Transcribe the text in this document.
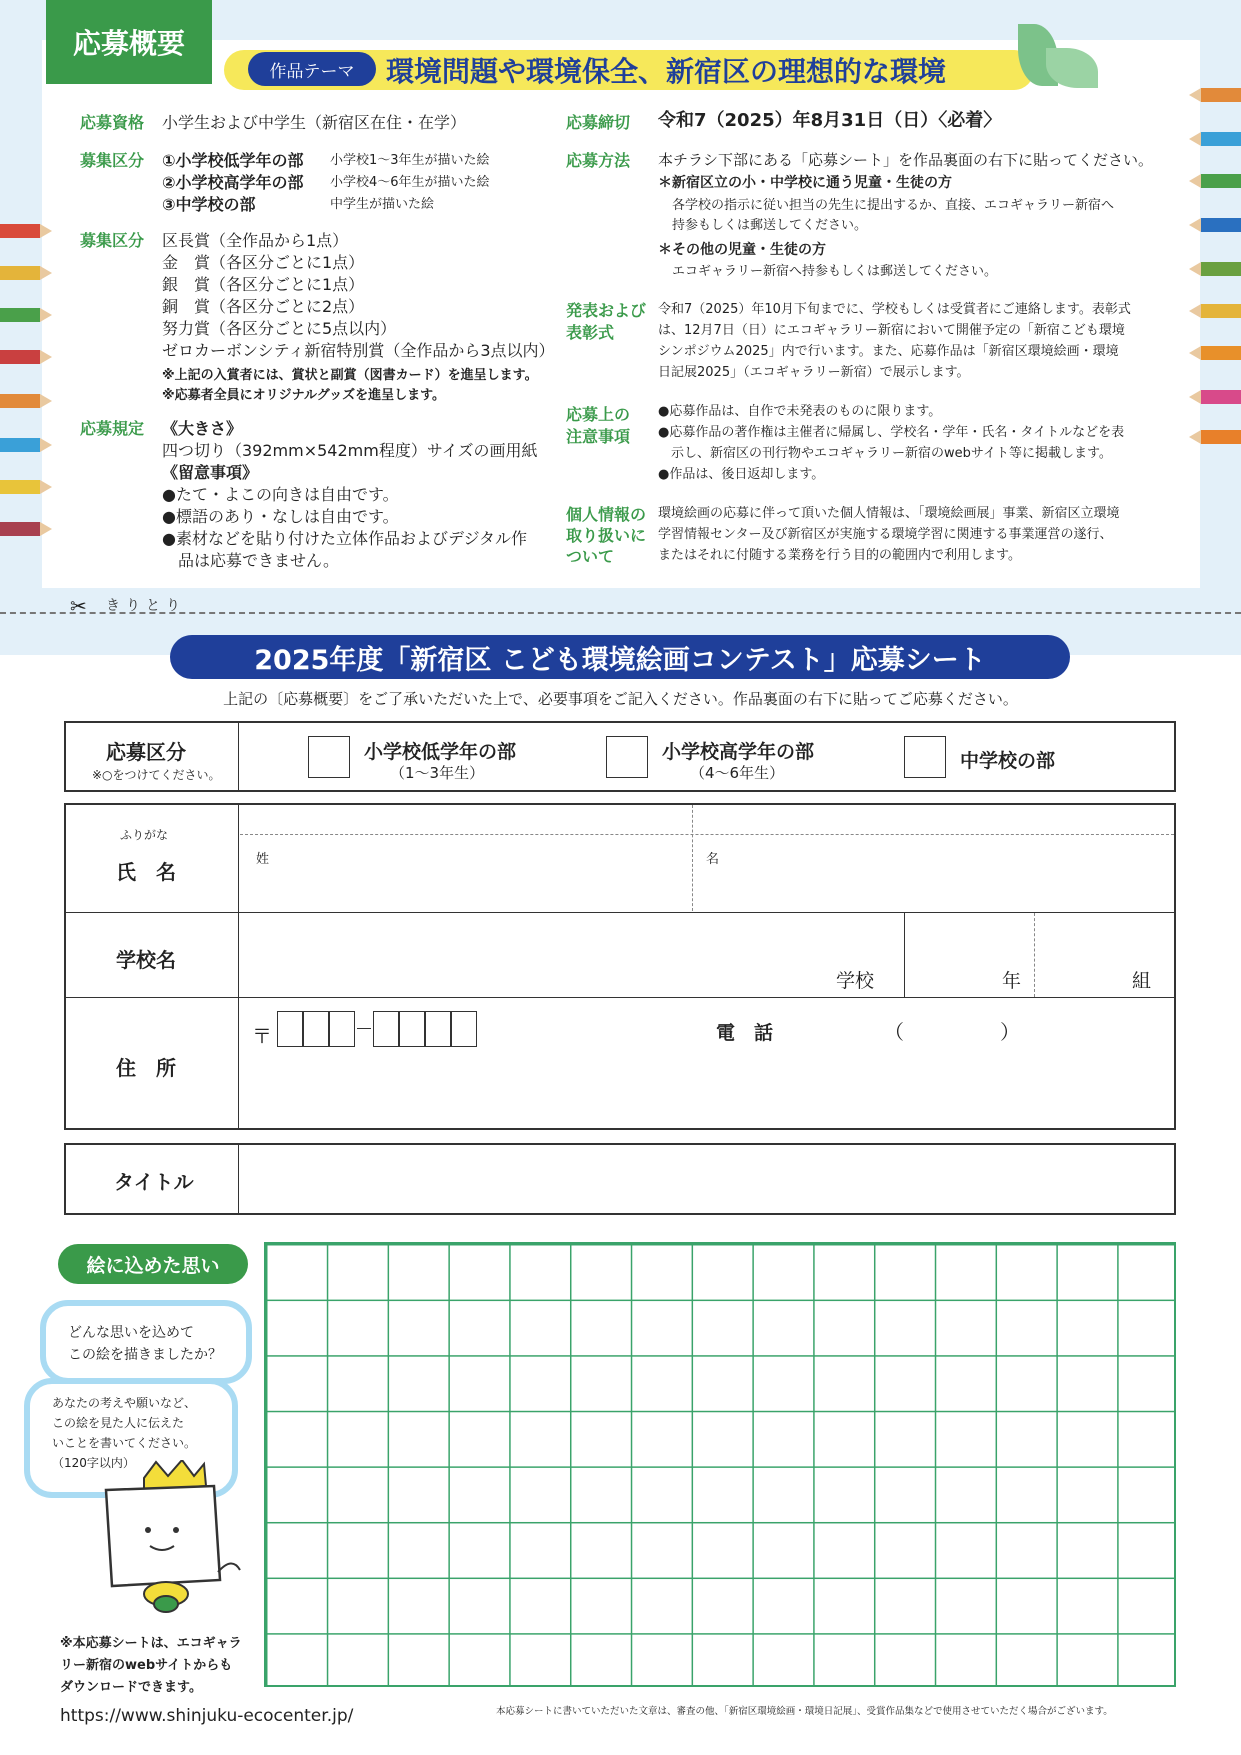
応募概要
作品テーマ	環境問題や環境保全、新宿区の理想的な環境
応募資格 小学生および中学生（新宿区在住・在学）
募集区分 ①小学校低学年の部 小学校1〜3年生が描いた絵
②小学校高学年の部 小学校4〜6年生が描いた絵
③中学校の部	中学生が描いた絵
募集区分 区長賞（全作品から1点）
金　賞（各区分ごとに1点）
銀　賞（各区分ごとに1点）
銅　賞（各区分ごとに2点）
努力賞（各区分ごとに5点以内）
ゼロカーボンシティ新宿特別賞（全作品から3点以内）
※上記の入賞者には、賞状と副賞（図書カード）を進呈します。
※応募者全員にオリジナルグッズを進呈します。
応募規定 《大きさ》
四つ切り（392mm×542mm程度）サイズの画用紙
《留意事項》
●たて・よこの向きは自由です。
●標語のあり・なしは自由です。
●素材などを貼り付けた立体作品およびデジタル作
　品は応募できません。
応募締切 令和7（2025）年8月31日（日）〈必着〉
応募方法 本チラシ下部にある「応募シート」を作品裏面の右下に貼ってください。
＊新宿区立の小・中学校に通う児童・生徒の方
各学校の指示に従い担当の先生に提出するか、直接、エコギャラリー新宿へ
持参もしくは郵送してください。
＊その他の児童・生徒の方
エコギャラリー新宿へ持参もしくは郵送してください。
発表および
表彰式
令和7（2025）年10月下旬までに、学校もしくは受賞者にご連絡します。表彰式
は、12月7日（日）にエコギャラリー新宿において開催予定の「新宿こども環境
シンポジウム2025」内で行います。また、応募作品は「新宿区環境絵画・環境
日記展2025」（エコギャラリー新宿）で展示します。
応募上の
注意事項
●応募作品は、自作で未発表のものに限ります。
●応募作品の著作権は主催者に帰属し、学校名・学年・氏名・タイトルなどを表
　示し、新宿区の刊行物やエコギャラリー新宿のwebサイト等に掲載します。
●作品は、後日返却します。
個人情報の
取り扱いに
ついて
環境絵画の応募に伴って頂いた個人情報は、「環境絵画展」事業、新宿区立環境
学習情報センター及び新宿区が実施する環境学習に関連する事業運営の遂行、
またはそれに付随する業務を行う目的の範囲内で利用します。
✂ きりとり
2025年度「新宿区 こども環境絵画コンテスト」応募シート
上記の〔応募概要〕をご了承いただいた上で、必要事項をご記入ください。作品裏面の右下に貼ってご応募ください。
応募区分
※○をつけてください。
小学校低学年の部
（1〜3年生）
小学校高学年の部
（4〜6年生）
中学校の部
ふりがな
氏　名
姓	名
学校名
学校	年	組
住　所
〒	電　話	（	）
タイトル
絵に込めた思い
どんな思いを込めて
この絵を描きましたか？
あなたの考えや願いなど、
この絵を見た人に伝えた
いことを書いてください。
（120字以内）
※本応募シートは、エコギャラ
リー新宿のwebサイトからも
ダウンロードできます。
https://www.shinjuku-ecocenter.jp/	本応募シートに書いていただいた文章は、審査の他、「新宿区環境絵画・環境日記展」、受賞作品集などで使用させていただく場合がございます。
